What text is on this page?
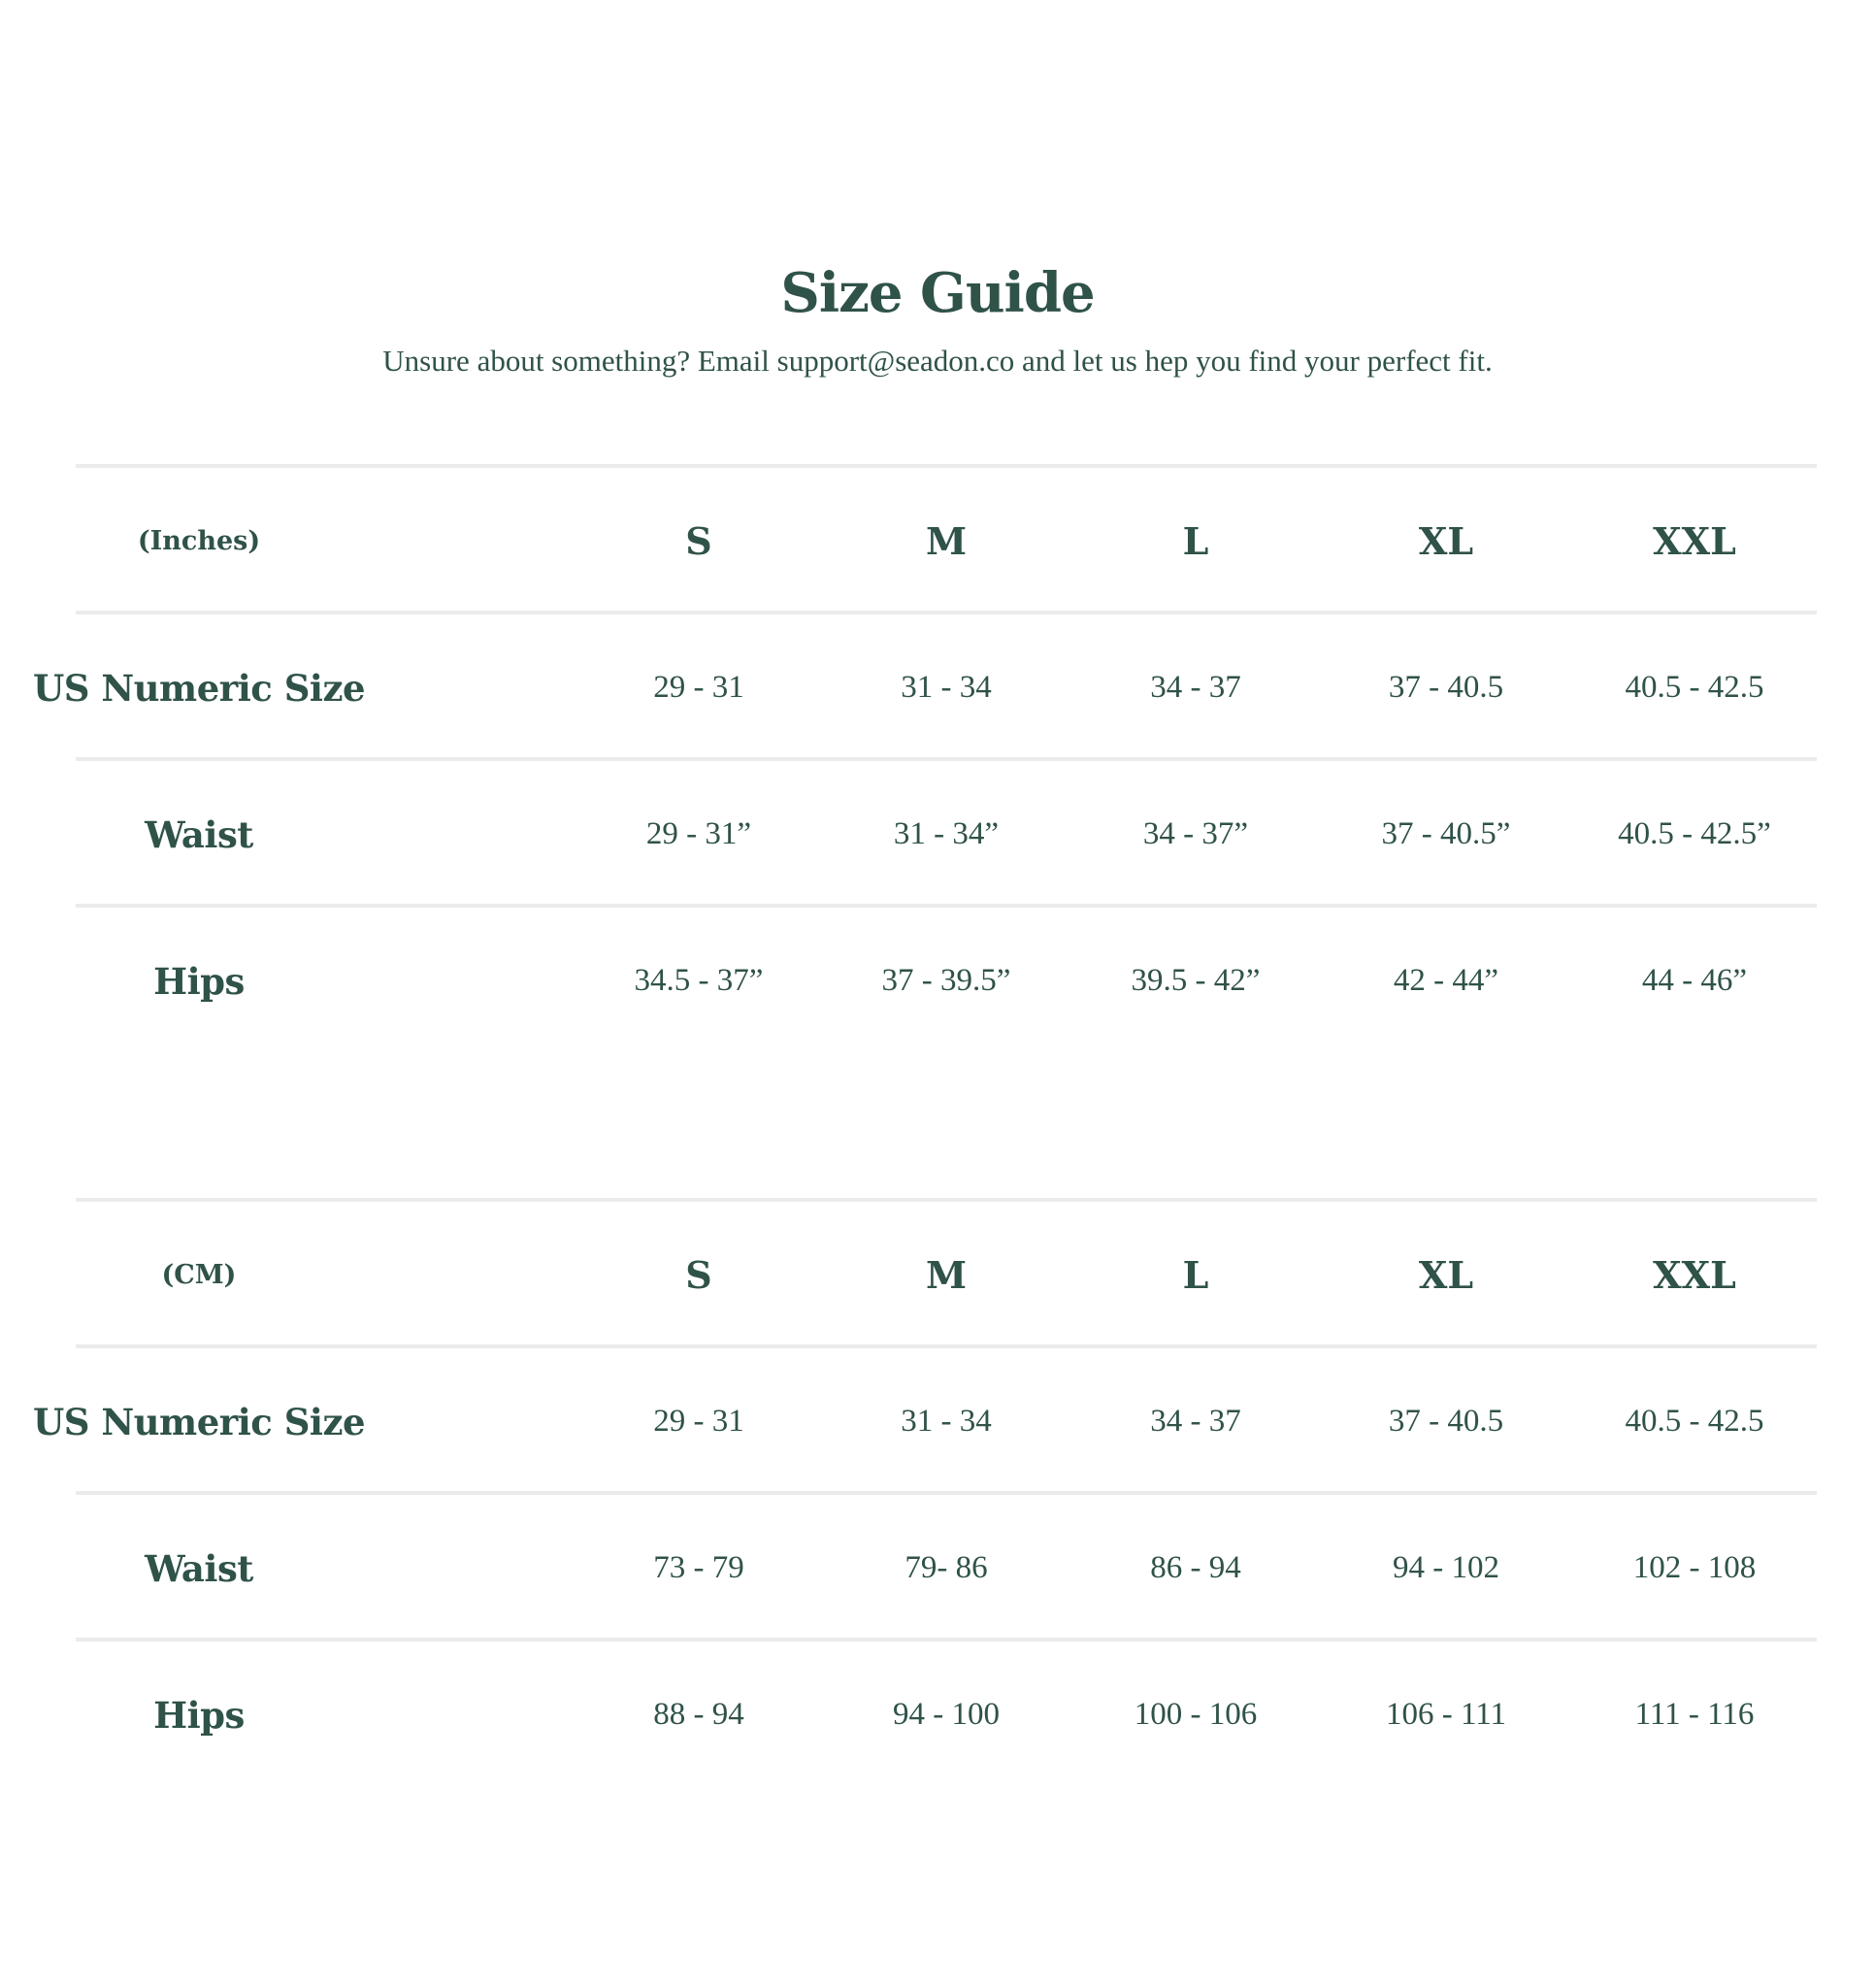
Size Guide
Unsure about something? Email support@seadon.co and let us hep you find your perfect fit.
(Inches)	S	M	L	XL	XXL
US Numeric Size	29 - 31	31 - 34	34 - 37	37 - 40.5	40.5 - 42.5
Waist	29 - 31”	31 - 34”	34 - 37”	37 - 40.5”	40.5 - 42.5”
Hips	34.5 - 37”	37 - 39.5”	39.5 - 42”	42 - 44”	44 - 46”
(CM)	S	M	L	XL	XXL
US Numeric Size	29 - 31	31 - 34	34 - 37	37 - 40.5	40.5 - 42.5
Waist	73 - 79	79- 86	86 - 94	94 - 102	102 - 108
Hips	88 - 94	94 - 100	100 - 106	106 - 111	111 - 116
